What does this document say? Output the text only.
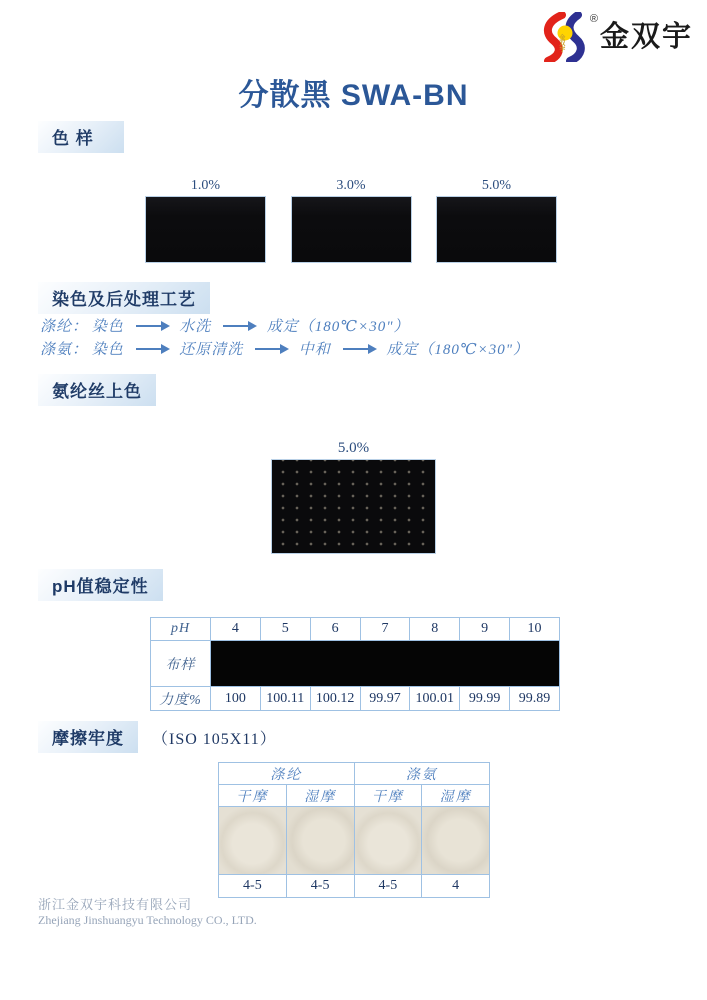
金双宇
®
金双宇
分散黑 SWA-BN
色 样
1.0%	3.0%	5.0%
染色及后处理工艺
涤纶： 染色	水洗	成定（180℃×30"）
涤氨： 染色	还原清洗	中和	成定（180℃×30"）
氨纶丝上色
5.0%
pH值稳定性
pH	4	5	6	7	8	9	10
布样							
力度%	100	100.11	100.12	99.97	100.01	99.99	99.89
摩擦牢度	（ISO 105X11）
涤纶		涤氨	
干摩	湿摩	干摩	湿摩

4-5	4-5	4-5	4
浙江金双宇科技有限公司
Zhejiang Jinshuangyu Technology CO., LTD.
